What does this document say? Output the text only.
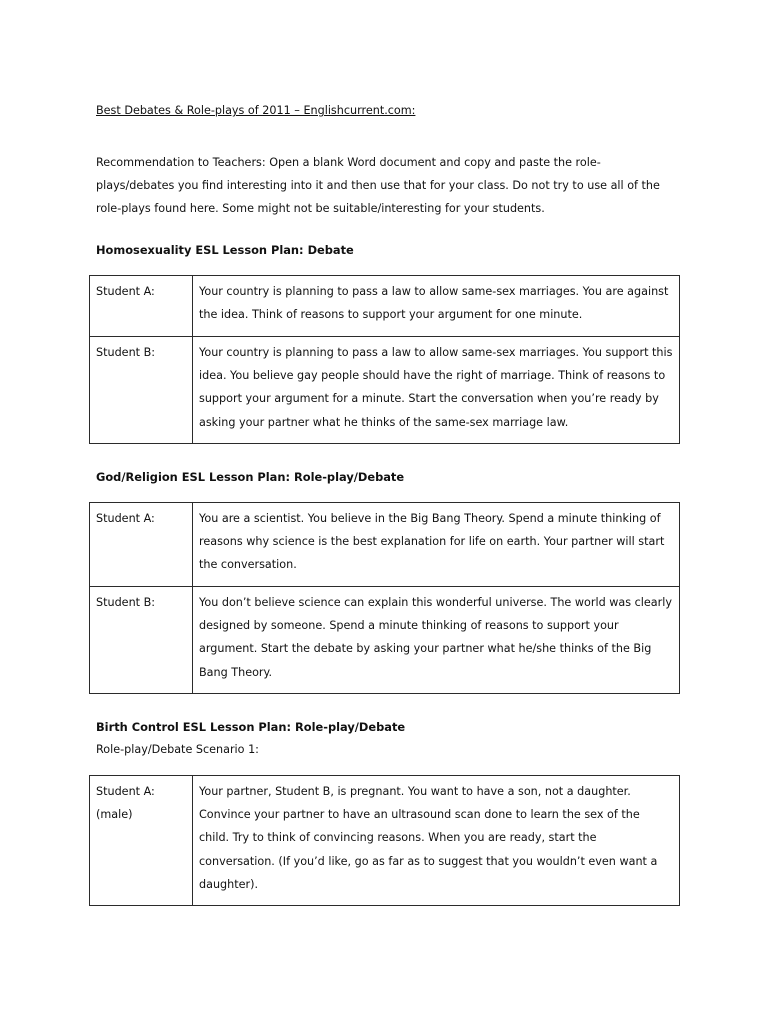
Best Debates & Role-plays of 2011 – Englishcurrent.com:
Recommendation to Teachers: Open a blank Word document and copy and paste the role-plays/debates you find interesting into it and then use that for your class. Do not try to use all of the role-plays found here. Some might not be suitable/interesting for your students.
Homosexuality ESL Lesson Plan: Debate
Student A:	Your country is planning to pass a law to allow same-sex marriages. You are against the idea. Think of reasons to support your argument for one minute.
Student B:	Your country is planning to pass a law to allow same-sex marriages. You support this idea. You believe gay people should have the right of marriage. Think of reasons to support your argument for a minute. Start the conversation when you’re ready by asking your partner what he thinks of the same-sex marriage law.
God/Religion ESL Lesson Plan: Role-play/Debate
Student A:	You are a scientist. You believe in the Big Bang Theory. Spend a minute thinking of reasons why science is the best explanation for life on earth. Your partner will start the conversation.
Student B:	You don’t believe science can explain this wonderful universe. The world was clearly designed by someone. Spend a minute thinking of reasons to support your argument. Start the debate by asking your partner what he/she thinks of the Big Bang Theory.
Birth Control ESL Lesson Plan: Role-play/Debate
Role-play/Debate Scenario 1:
Student A:
(male)
	Your partner, Student B, is pregnant. You want to have a son, not a daughter. Convince your partner to have an ultrasound scan done to learn the sex of the child. Try to think of convincing reasons. When you are ready, start the conversation. (If you’d like, go as far as to suggest that you wouldn’t even want a daughter).
